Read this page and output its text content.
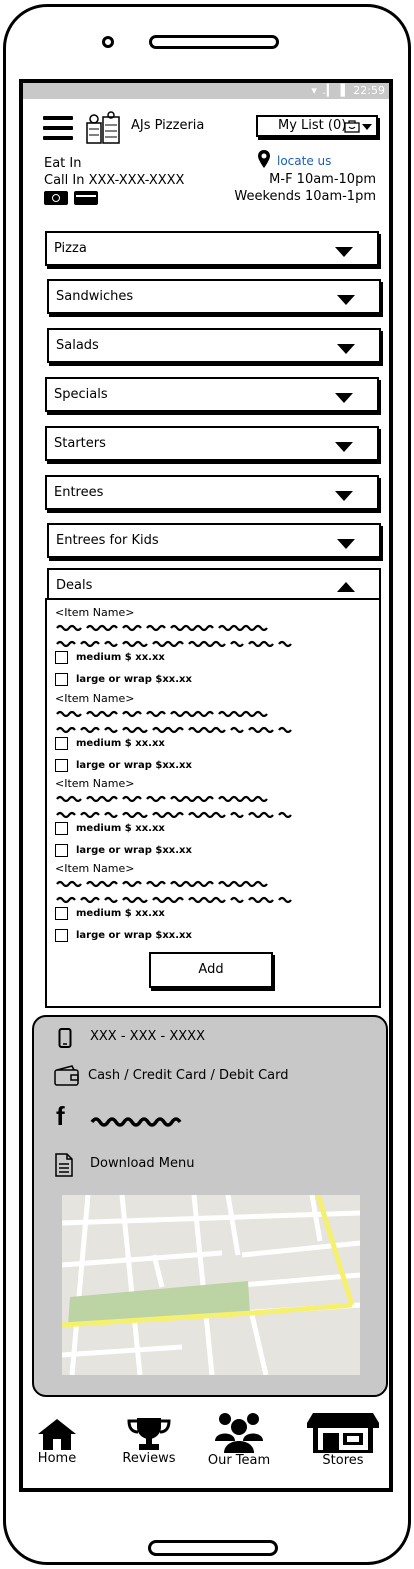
▾ .▎▐ 22:59
AJs Pizzeria	My List (0)
Eat In
Call In XXX-XXX-XXXX
locate us
M-F 10am-10pm
Weekends 10am-1pm
Pizza
Sandwiches
Salads
Specials
Starters
Entrees
Entrees for Kids
Deals
<Item Name>
medium $ xx.xx
large or wrap $xx.xx
<Item Name>
medium $ xx.xx
large or wrap $xx.xx
<Item Name>
medium $ xx.xx
large or wrap $xx.xx
<Item Name>
medium $ xx.xx
large or wrap $xx.xx
Add
XXX - XXX - XXXX
Cash / Credit Card / Debit Card
f
Download Menu
Home	Reviews Our Team	Stores
